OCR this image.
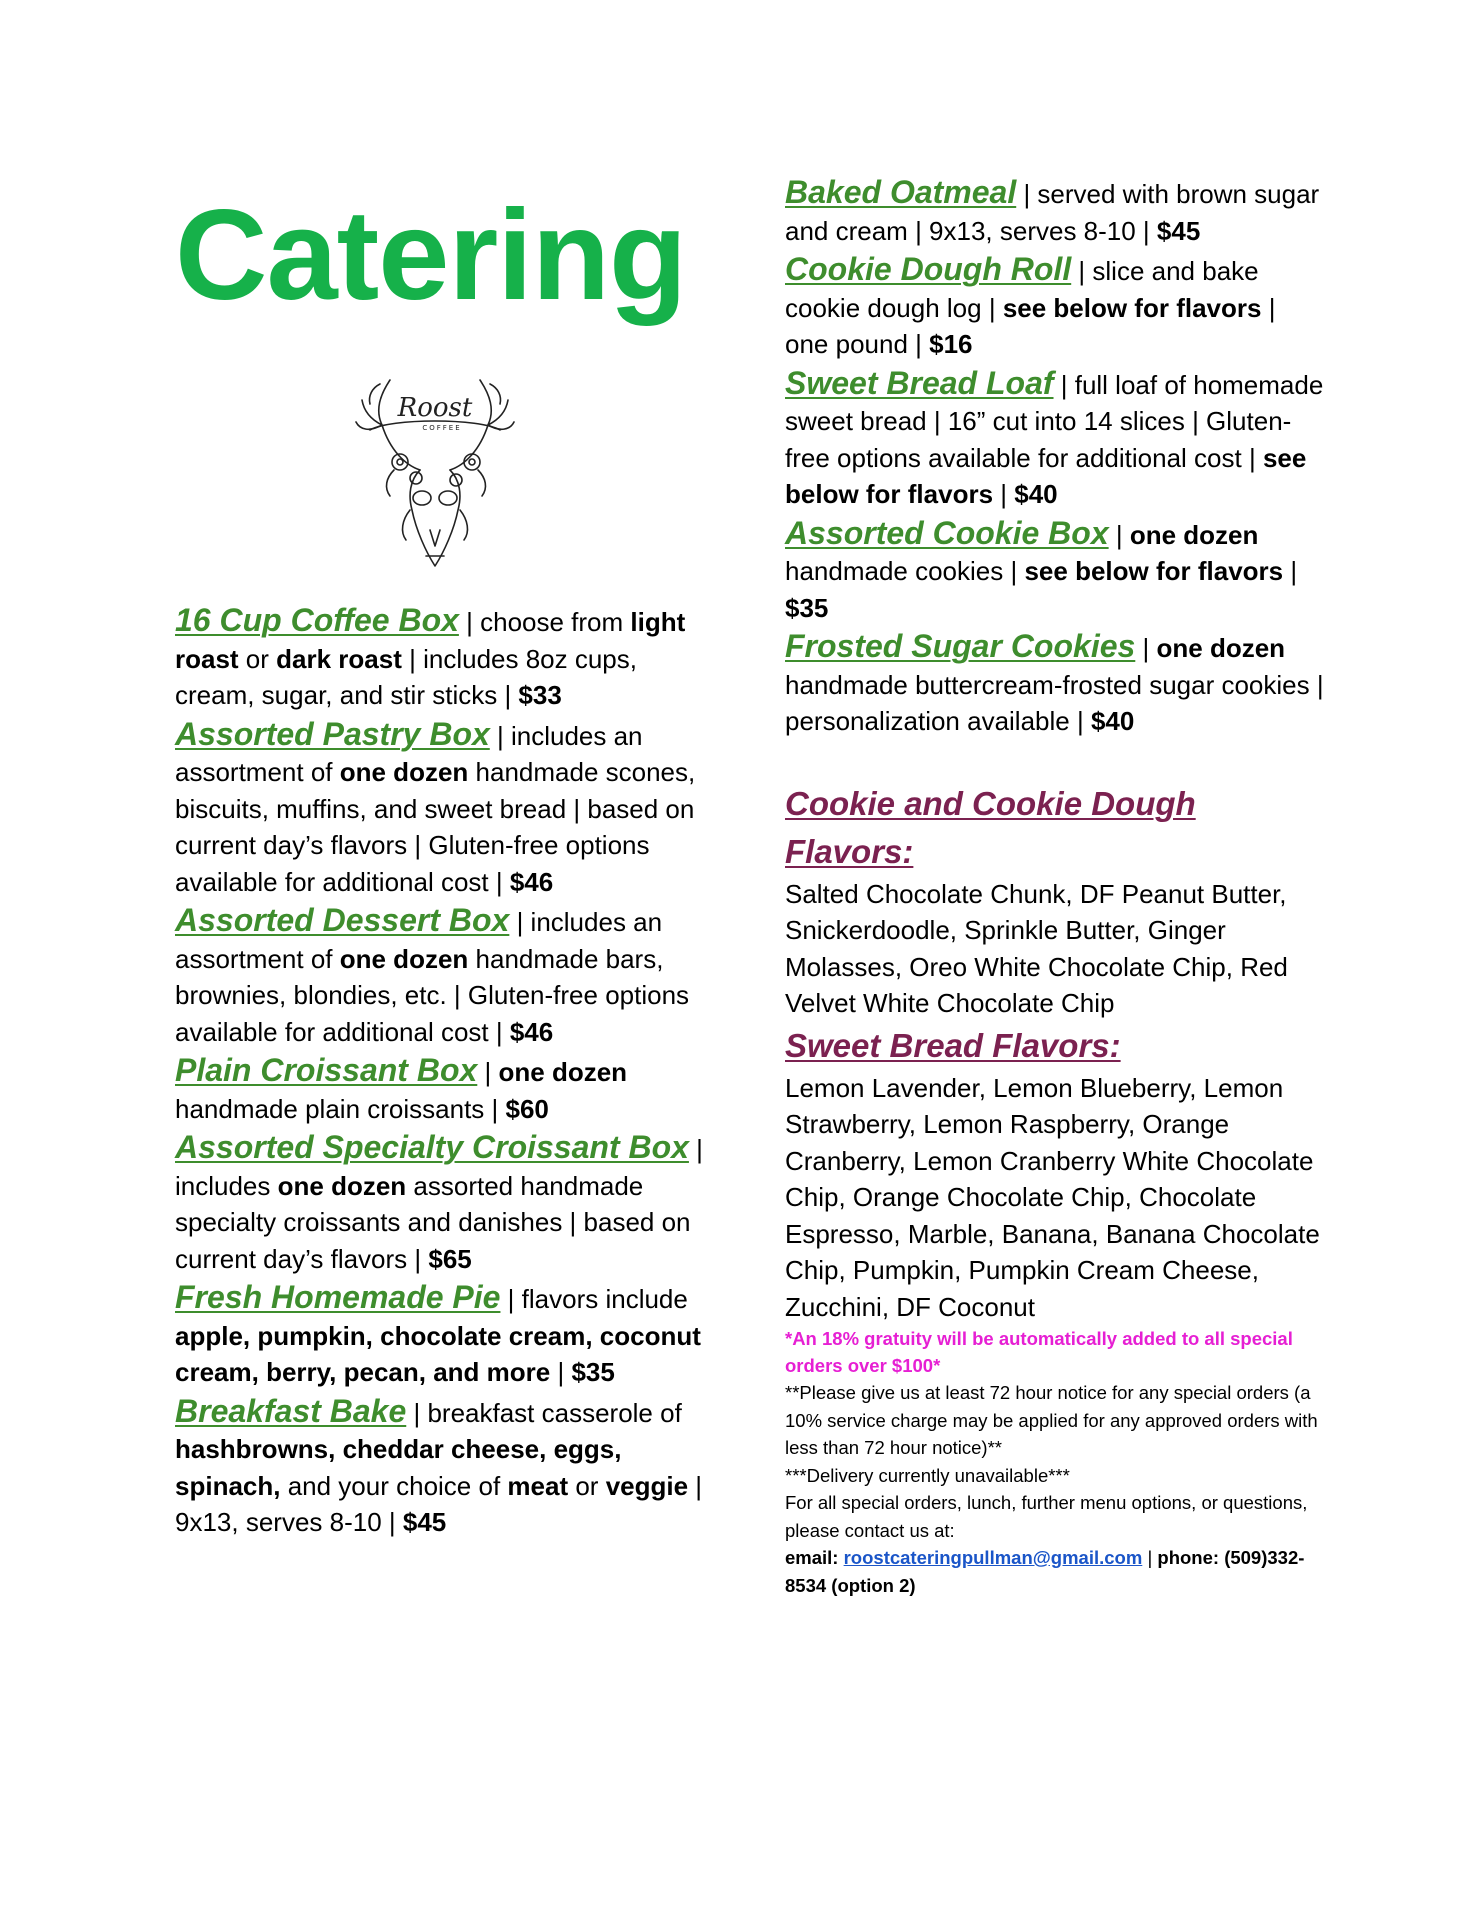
Catering
Roost
COFFEE

16 Cup Coffee Box | choose from light roast or dark roast | includes 8oz cups, cream, sugar, and stir sticks | $33

Assorted Pastry Box | includes an assortment of one dozen handmade scones, biscuits, muffins, and sweet bread | based on current day’s flavors | Gluten-free options available for additional cost | $46

Assorted Dessert Box | includes an assortment of one dozen handmade bars, brownies, blondies, etc. | Gluten-free options available for additional cost | $46

Plain Croissant Box | one dozen handmade plain croissants | $60

Assorted Specialty Croissant Box | includes one dozen assorted handmade specialty croissants and danishes | based on current day’s flavors | $65

Fresh Homemade Pie | flavors include apple, pumpkin, chocolate cream, coconut cream, berry, pecan, and more | $35

Breakfast Bake | breakfast casserole of hashbrowns, cheddar cheese, eggs, spinach, and your choice of meat or veggie | 9x13, serves 8-10 | $45

Baked Oatmeal | served with brown sugar and cream | 9x13, serves 8-10 | $45

Cookie Dough Roll | slice and bake cookie dough log | see below for flavors | one pound | $16

Sweet Bread Loaf | full loaf of homemade sweet bread | 16” cut into 14 slices | Gluten-free options available for additional cost | see below for flavors | $40

Assorted Cookie Box | one dozen handmade cookies | see below for flavors | $35

Frosted Sugar Cookies | one dozen handmade buttercream-frosted sugar cookies | personalization available | $40

Cookie and Cookie Dough Flavors:

Salted Chocolate Chunk, DF Peanut Butter, Snickerdoodle, Sprinkle Butter, Ginger Molasses, Oreo White Chocolate Chip, Red Velvet White Chocolate Chip

Sweet Bread Flavors:

Lemon Lavender, Lemon Blueberry, Lemon Strawberry, Lemon Raspberry, Orange Cranberry, Lemon Cranberry White Chocolate Chip, Orange Chocolate Chip, Chocolate Espresso, Marble, Banana, Banana Chocolate Chip, Pumpkin, Pumpkin Cream Cheese, Zucchini, DF Coconut

*An 18% gratuity will be automatically added to all special orders over $100*

**Please give us at least 72 hour notice for any special orders (a 10% service charge may be applied for any approved orders with less than 72 hour notice)**

***Delivery currently unavailable***

For all special orders, lunch, further menu options, or questions, please contact us at:

email: roostcateringpullman@gmail.com | phone: (509)332-8534 (option 2)
